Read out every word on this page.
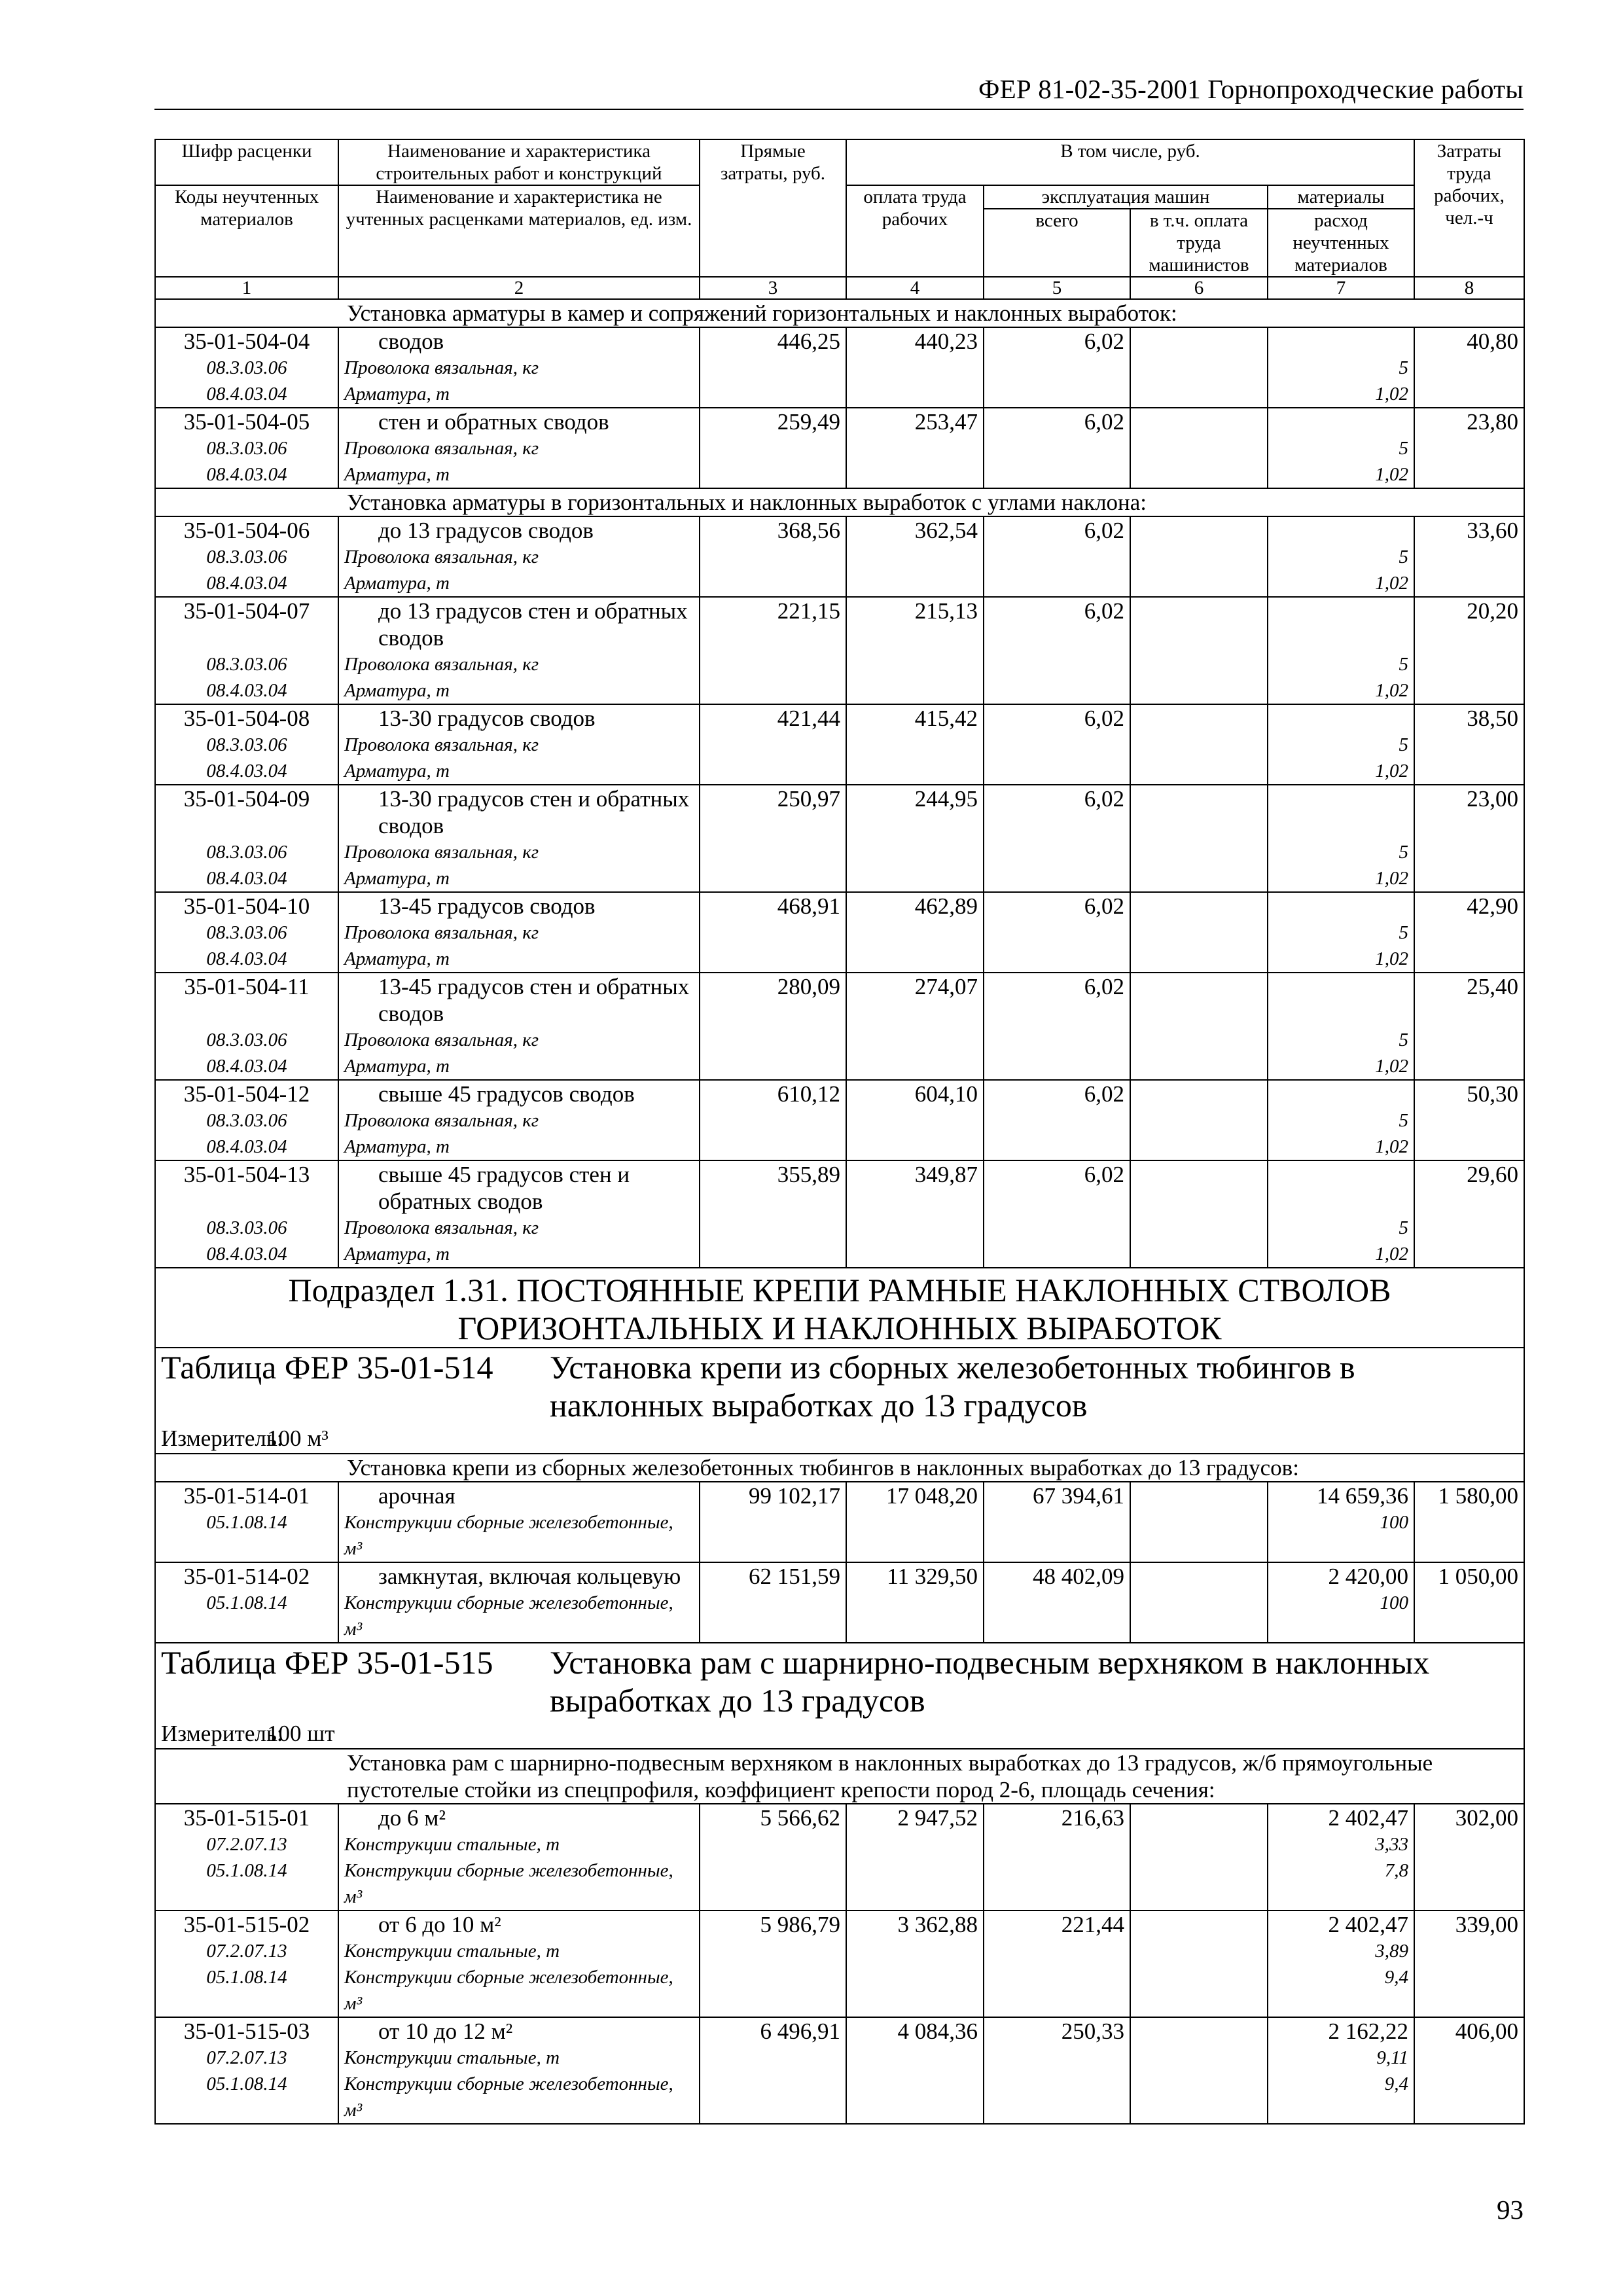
ФЕР 81-02-35-2001 Горнопроходческие работы
Шифр расценки	Наименование и характеристика строительных работ и конструкций	Прямые затраты, руб.	В том числе, руб.				Затраты труда рабочих, чел.-ч
Коды неучтенных материалов	Наименование и характеристика не учтенных расценками материалов, ед. изм.		оплата труда рабочих	эксплуатация машин		материалы	
				всего	в т.ч. оплата труда машинистов	расход неучтенных материалов	
1	2	3	4	5	6	7	8
Установка арматуры в камер и сопряжений горизонтальных и наклонных выработок:							
35-01-504-04	сводов	446,25	440,23	6,02			40,80
08.3.03.06	Проволока вязальная, кг					5	
08.4.03.04	Арматура, т					1,02	
35-01-504-05	стен и обратных сводов	259,49	253,47	6,02			23,80
08.3.03.06	Проволока вязальная, кг					5	
08.4.03.04	Арматура, т					1,02	
Установка арматуры в горизонтальных и наклонных выработок с углами наклона:							
35-01-504-06	до 13 градусов сводов	368,56	362,54	6,02			33,60
08.3.03.06	Проволока вязальная, кг					5	
08.4.03.04	Арматура, т					1,02	
35-01-504-07	до 13 градусов стен и обратных сводов	221,15	215,13	6,02			20,20
08.3.03.06	Проволока вязальная, кг					5	
08.4.03.04	Арматура, т					1,02	
35-01-504-08	13-30 градусов сводов	421,44	415,42	6,02			38,50
08.3.03.06	Проволока вязальная, кг					5	
08.4.03.04	Арматура, т					1,02	
35-01-504-09	13-30 градусов стен и обратных сводов	250,97	244,95	6,02			23,00
08.3.03.06	Проволока вязальная, кг					5	
08.4.03.04	Арматура, т					1,02	
35-01-504-10	13-45 градусов сводов	468,91	462,89	6,02			42,90
08.3.03.06	Проволока вязальная, кг					5	
08.4.03.04	Арматура, т					1,02	
35-01-504-11	13-45 градусов стен и обратных сводов	280,09	274,07	6,02			25,40
08.3.03.06	Проволока вязальная, кг					5	
08.4.03.04	Арматура, т					1,02	
35-01-504-12	свыше 45 градусов сводов	610,12	604,10	6,02			50,30
08.3.03.06	Проволока вязальная, кг					5	
08.4.03.04	Арматура, т					1,02	
35-01-504-13	свыше 45 градусов стен и обратных сводов	355,89	349,87	6,02			29,60
08.3.03.06	Проволока вязальная, кг					5	
08.4.03.04	Арматура, т					1,02	
Подраздел 1.31. ПОСТОЯННЫЕ КРЕПИ РАМНЫЕ НАКЛОННЫХ СТВОЛОВ ГОРИЗОНТАЛЬНЫХ И НАКЛОННЫХ ВЫРАБОТОК							
Таблица ФЕР 35-01-514 Установка крепи из сборных железобетонных тюбингов в наклонных выработках до 13 градусов							
Измеритель:100 м³							
Установка крепи из сборных железобетонных тюбингов в наклонных выработках до 13 градусов:							
35-01-514-01	арочная	99 102,17	17 048,20	67 394,61		14 659,36	1 580,00
05.1.08.14	Конструкции сборные железобетонные, м³					100	
35-01-514-02	замкнутая, включая кольцевую	62 151,59	11 329,50	48 402,09		2 420,00	1 050,00
05.1.08.14	Конструкции сборные железобетонные, м³					100	
Таблица ФЕР 35-01-515 Установка рам с шарнирно-подвесным верхняком в наклонных выработках до 13 градусов							
Измеритель:100 шт							
Установка рам с шарнирно-подвесным верхняком в наклонных выработках до 13 градусов, ж/б прямоугольные пустотелые стойки из спецпрофиля, коэффициент крепости пород 2-6, площадь сечения:							
35-01-515-01	до 6 м²	5 566,62	2 947,52	216,63		2 402,47	302,00
07.2.07.13	Конструкции стальные, т					3,33	
05.1.08.14	Конструкции сборные железобетонные, м³					7,8	
35-01-515-02	от 6 до 10 м²	5 986,79	3 362,88	221,44		2 402,47	339,00
07.2.07.13	Конструкции стальные, т					3,89	
05.1.08.14	Конструкции сборные железобетонные, м³					9,4	
35-01-515-03	от 10 до 12 м²	6 496,91	4 084,36	250,33		2 162,22	406,00
07.2.07.13	Конструкции стальные, т					9,11	
05.1.08.14	Конструкции сборные железобетонные, м³					9,4	
93
